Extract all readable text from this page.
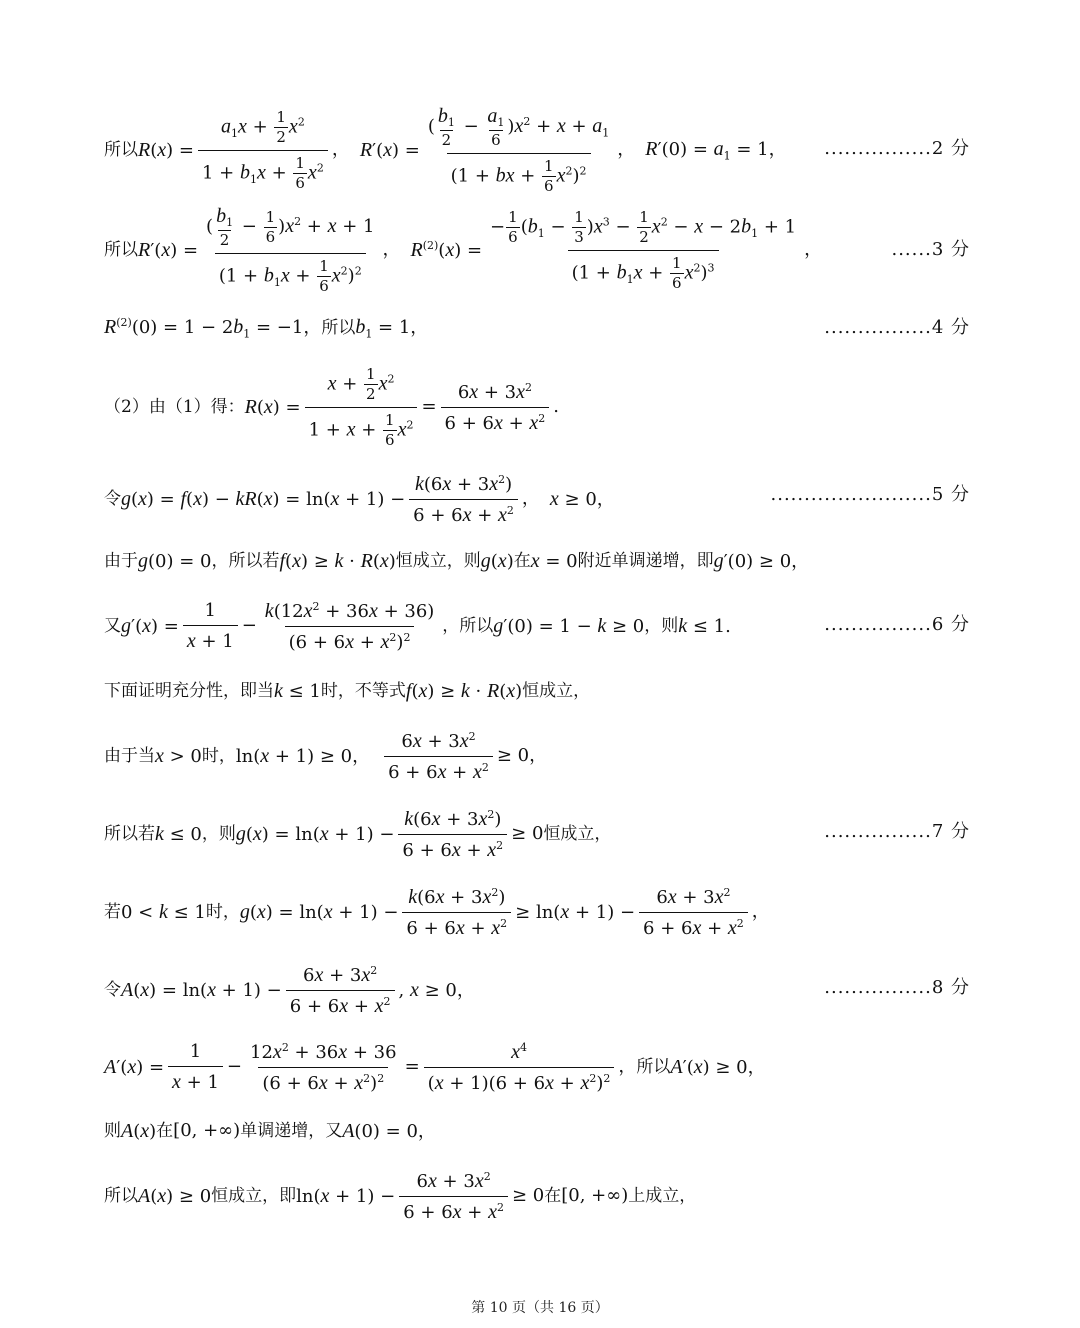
所以 $R(x) = \frac{a_1x + \frac{1}{2} x^2}{1 + b_1x + \frac{1}{6} x^2}$ ， $R'(x) = \frac{( \frac{b_1}{2} - \frac{a_1}{6} )x^2 + x + a_1}{(1 + bx + \frac{1}{6} x^2)^2}$ ， $R'(0) = a_1 = 1$， ................2 分
所以 $R'(x) = \frac{( \frac{b_1}{2} - \frac{1}{6} )x^2 + x + 1}{(1 + b_1x + \frac{1}{6} x^2)^2}$ ， $R^{(2)}(x) = \frac{- \frac{1}{6} (b_1 - \frac{1}{3} )x^3 - \frac{1}{2} x^2 - x - 2b_1 + 1}{(1 + b_1x + \frac{1}{6} x^2)^3}$ ，	......3 分
$R^{(2)}(0) = 1 - 2b_1 = -1$， 所以 $b_1 = 1$，	................4 分
（2）由（1）得： $R(x) = \frac{x + \frac{1}{2} x^2}{1 + x + \frac{1}{6} x^2} = \frac{6x + 3x^2}{6 + 6x + x^2}$ .
令 $g(x) = f(x) - kR(x) = \ln(x + 1) - \frac{k(6x + 3x^2)}{6 + 6x + x^2}$ ， x ≥ 0，	........................5 分
由于 g(0) = 0 ，所以若 f(x) ≥ k · R(x) 恒成立，则 g(x) 在 x = 0 附近单调递增，即 g′(0) ≥ 0，
又 $g'(x) = \frac{1}{x + 1} - \frac{k(12x^2 + 36x + 36)}{(6 + 6x + x^2)^2}$ ，所以 g′(0) = 1 − k ≥ 0 ，则 k ≤ 1.	................6 分
下面证明充分性，即当 k ≤ 1 时，不等式 f(x) ≥ k · R(x) 恒成立，
由于当 x > 0 时， ln(x + 1) ≥ 0， $\frac{6x + 3x^2}{6 + 6x + x^2} \ge 0$，
所以若 k ≤ 0 ，则 $g(x) = \ln(x + 1) - \frac{k(6x + 3x^2)}{6 + 6x + x^2} \ge 0$ 恒成立，	................7 分
若 0 < k ≤ 1 时， $g(x) = \ln(x + 1) - \frac{k(6x + 3x^2)}{6 + 6x + x^2} \ge \ln(x + 1) - \frac{6x + 3x^2}{6 + 6x + x^2}$ ，
令 $A(x) = \ln(x + 1) - \frac{6x + 3x^2}{6 + 6x + x^2}$ , x ≥ 0，	................8 分
$A'(x) = \frac{1}{x + 1} - \frac{12x^2 + 36x + 36}{(6 + 6x + x^2)^2} = \frac{x^4}{(x + 1)(6 + 6x + x^2)^2}$ ， 所以 A′(x) ≥ 0，
则 A(x) 在 [0, +∞) 单调递增，又 A(0) = 0，
所以 A(x) ≥ 0 恒成立，即 $\ln(x + 1) - \frac{6x + 3x^2}{6 + 6x + x^2} \ge 0$ 在 [0, +∞) 上成立，
第 10 页（共 16 页）
